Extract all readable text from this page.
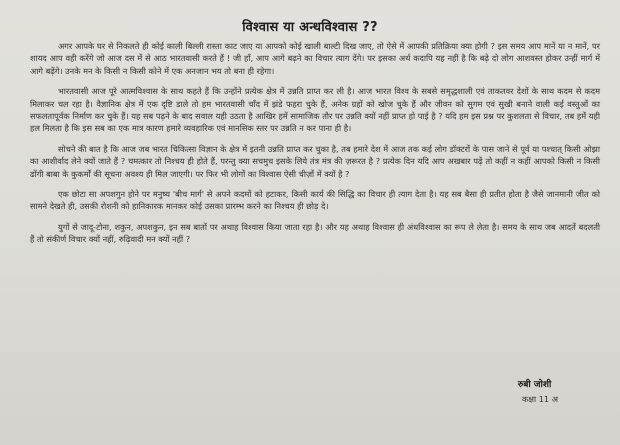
विश्वास या अन्धविश्वास ??

अगर आपके घर से निकलते ही कोई काली बिल्ली रास्ता काट जाए या आपको कोई खाली बाल्टी दिख जाए, तो ऐसे में आपकी प्रतिक्रिया क्या होगी ? इस समय आप मानें या न मानें, पर शायद आप वही करेंगे जो आज दस में से आठ भारतवासी करते हैं ! जी हाँ, आप आगे बढ़ने का विचार त्याग देंगे। पर इसका अर्थ कदापि यह नहीं है कि बढ़े दो लोग आशवस्त होकर उन्हीं मार्ग में आगे बढ़ेंगे। उनके मन के किसी न किसी कोने में एक अनजान भय तो बना ही रहेगा।

भारतवासी आज पूरे आत्मविश्वास के साथ कहते हैं कि उन्होंने प्रत्येक क्षेत्र में उन्नति प्राप्त कर ली है। आज भारत विश्व के सबसे समृद्धशाली एवं ताकतवर देशों के साथ कदम से कदम मिलाकर चल रहा है। वैज्ञानिक क्षेत्र में एक दृष्टि डाले तो हम भारतवासी चाँद में झंडे फहरा चुके हैं, अनेक ग्रहों को खोज चुके हैं और जीवन को सुगम एवं सुखी बनाने वाली कई वस्तुओं का सफलतापूर्वक निर्माण कर चुके हैं। यह सब पढ़ने के बाद सवाल यही उठता है आखिर हमें सामाजिक तौर पर उन्नति क्यों नहीं प्राप्त हो पाई है ? यदि हम इस प्रश्न पर कुशलता से विचार, तब हमें यही हल मिलता है कि इस सब का एक मात्र कारण हमारे व्यवहारिक एवं मानसिक स्तर पर उन्नति न कर पाना ही है।

सोचने की बात है कि आज जब भारत चिकित्सा विज्ञान के क्षेत्र में इतनी उन्नति प्राप्त कर चुका है, तब हमारे देश में आज तक कई लोग डॉक्टरों के पास जाने से पूर्व या पश्चात् किसी ओझा का आशीर्वाद लेने क्यों जाते हैं ? चमत्कार तो निश्चय ही होते हैं, परन्तु क्या सचमुच इसके लिये तंत्र मंत्र की ज़रूरत है ? प्रत्येक दिन यदि आप अखबार पढ़ें तो कहीं न कहीं आपको किसी न किसी ढोंगी बाबा के कुकर्मों की सूचना अवश्य ही मिल जाएगी। पर फिर भी लोगों का विश्वास ऐसी चीज़ों में क्यों है ?

एक छोटा सा अपशगुन होने पर मनुष्य 'बीच मार्ग' से अपने कदमों को हटाकर, किसी कार्य की सिद्धि का विचार ही त्याग देता है। यह सब बैसा ही प्रतीत होता है जैसे जानमानी जीत को सामने देखते ही, उसकी रोशनी को हानिकारक मानकर कोई उसका प्रारम्भ करने का निश्चय ही छोड़ दे।

युगों से जादू-टोना, शकुन, अपशकुन, इन सब बातों पर अथाह विश्वास किया जाता रहा है। और यह अथाह विश्वास ही अंधविश्वास का रूप ले लेता है। समय के साथ जब आदतें बदलती हैं तो संकीर्ण विचार क्यों नहीं, रुढ़िवादी मन क्यों नहीं ?

रुबी जोशी
कक्षा 11 अ
